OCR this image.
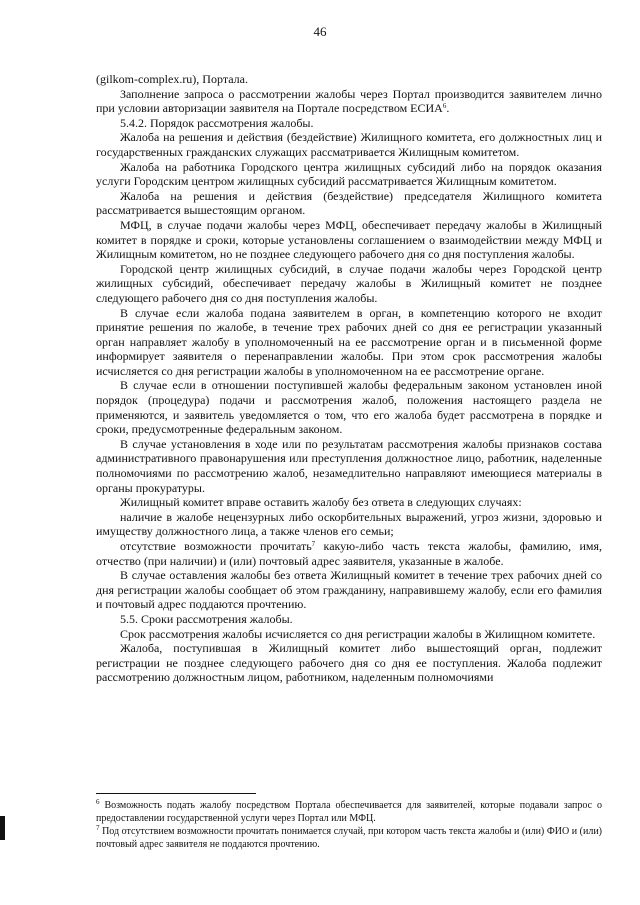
46

(gilkom-complex.ru), Портала.

Заполнение запроса о рассмотрении жалобы через Портал производится заявителем лично при условии авторизации заявителя на Портале посредством ЕСИА$^6$.

5.4.2. Порядок рассмотрения жалобы.

Жалоба на решения и действия (бездействие) Жилищного комитета, его должностных лиц и государственных гражданских служащих рассматривается Жилищным комитетом.

Жалоба на работника Городского центра жилищных субсидий либо на порядок оказания услуги Городским центром жилищных субсидий рассматривается Жилищным комитетом.

Жалоба на решения и действия (бездействие) председателя Жилищного комитета рассматривается вышестоящим органом.

МФЦ, в случае подачи жалобы через МФЦ, обеспечивает передачу жалобы в Жилищный комитет в порядке и сроки, которые установлены соглашением о взаимодействии между МФЦ и Жилищным комитетом, но не позднее следующего рабочего дня со дня поступления жалобы.

Городской центр жилищных субсидий, в случае подачи жалобы через Городской центр жилищных субсидий, обеспечивает передачу жалобы в Жилищный комитет не позднее следующего рабочего дня со дня поступления жалобы.

В случае если жалоба подана заявителем в орган, в компетенцию которого не входит принятие решения по жалобе, в течение трех рабочих дней со дня ее регистрации указанный орган направляет жалобу в уполномоченный на ее рассмотрение орган и в письменной форме информирует заявителя о перенаправлении жалобы. При этом срок рассмотрения жалобы исчисляется со дня регистрации жалобы в уполномоченном на ее рассмотрение органе.

В случае если в отношении поступившей жалобы федеральным законом установлен иной порядок (процедура) подачи и рассмотрения жалоб, положения настоящего раздела не применяются, и заявитель уведомляется о том, что его жалоба будет рассмотрена в порядке и сроки, предусмотренные федеральным законом.

В случае установления в ходе или по результатам рассмотрения жалобы признаков состава административного правонарушения или преступления должностное лицо, работник, наделенные полномочиями по рассмотрению жалоб, незамедлительно направляют имеющиеся материалы в органы прокуратуры.

Жилищный комитет вправе оставить жалобу без ответа в следующих случаях:

наличие в жалобе нецензурных либо оскорбительных выражений, угроз жизни, здоровью и имуществу должностного лица, а также членов его семьи;

отсутствие возможности прочитать$^7$ какую-либо часть текста жалобы, фамилию, имя, отчество (при наличии) и (или) почтовый адрес заявителя, указанные в жалобе.

В случае оставления жалобы без ответа Жилищный комитет в течение трех рабочих дней со дня регистрации жалобы сообщает об этом гражданину, направившему жалобу, если его фамилия и почтовый адрес поддаются прочтению.

5.5. Сроки рассмотрения жалобы.

Срок рассмотрения жалобы исчисляется со дня регистрации жалобы в Жилищном комитете.

Жалоба, поступившая в Жилищный комитет либо вышестоящий орган, подлежит регистрации не позднее следующего рабочего дня со дня ее поступления. Жалоба подлежит рассмотрению должностным лицом, работником, наделенным полномочиями

$^6$ Возможность подать жалобу посредством Портала обеспечивается для заявителей, которые подавали запрос о предоставлении государственной услуги через Портал или МФЦ.

$^7$ Под отсутствием возможности прочитать понимается случай, при котором часть текста жалобы и (или) ФИО и (или) почтовый адрес заявителя не поддаются прочтению.
